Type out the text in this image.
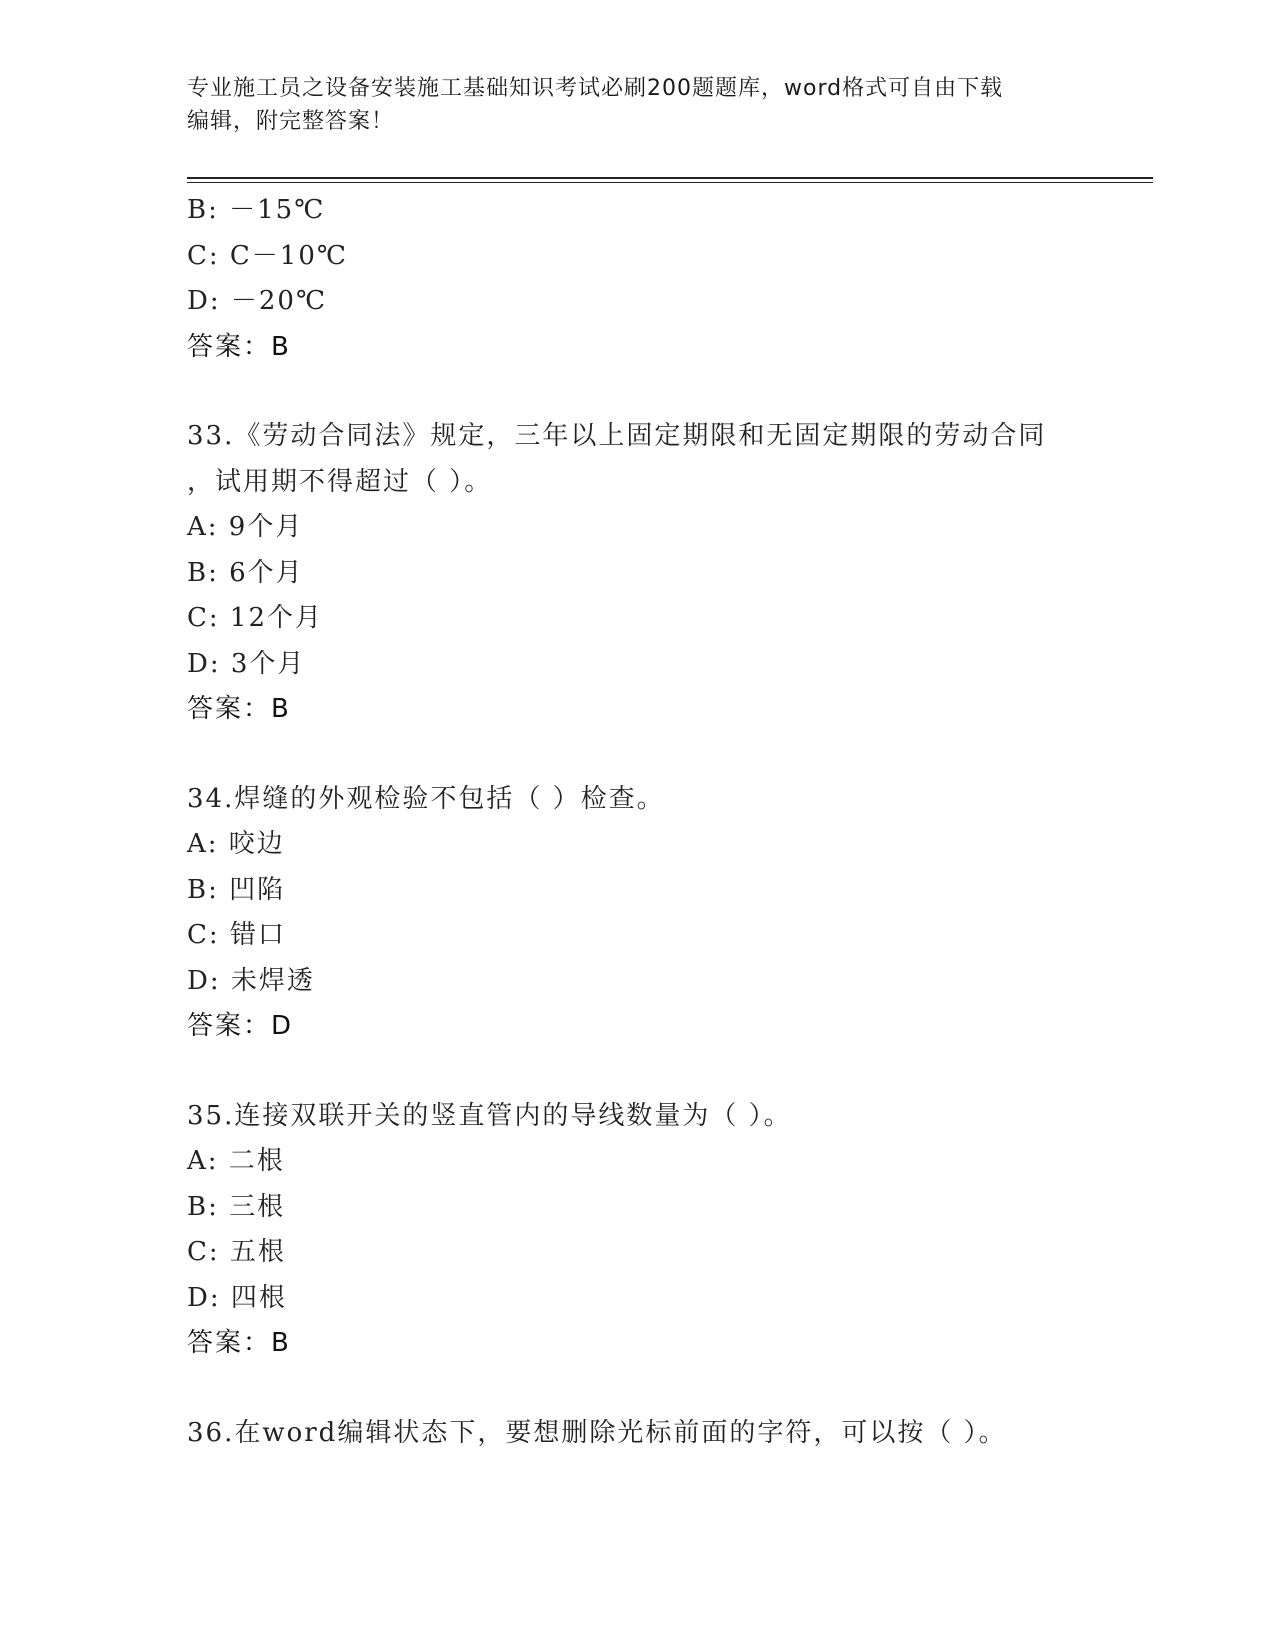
专业施工员之设备安装施工基础知识考试必刷200题题库，word格式可自由下载
编辑，附完整答案！
B: －15℃
C: C－10℃
D: －20℃
答案：B
33.《劳动合同法》规定，三年以上固定期限和无固定期限的劳动合同
，试用期不得超过（ ）。
A: 9个月
B: 6个月
C: 12个月
D: 3个月
答案：B
34.焊缝的外观检验不包括（ ）检查。
A: 咬边
B: 凹陷
C: 错口
D: 未焊透
答案：D
35.连接双联开关的竖直管内的导线数量为（ ）。
A: 二根
B: 三根
C: 五根
D: 四根
答案：B
36.在word编辑状态下，要想删除光标前面的字符，可以按（ ）。
